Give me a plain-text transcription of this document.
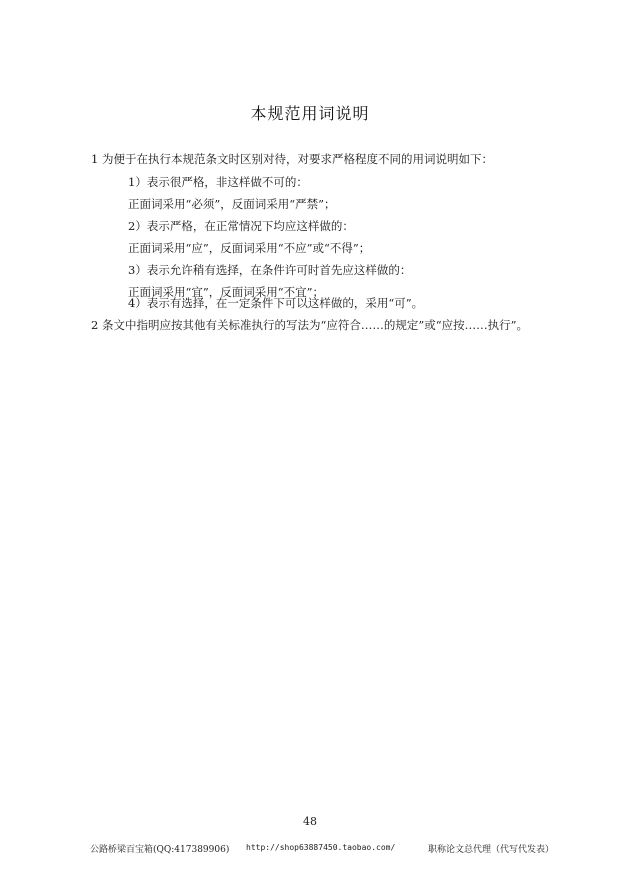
本规范用词说明
1 为便于在执行本规范条文时区别对待，对要求严格程度不同的用词说明如下：
1）表示很严格，非这样做不可的：
正面词采用“必须”，反面词采用“严禁”；
2）表示严格，在正常情况下均应这样做的：
正面词采用“应”，反面词采用“不应”或“不得”；
3）表示允许稍有选择，在条件许可时首先应这样做的：
正面词采用“宜”，反面词采用“不宜”；
4）表示有选择，在一定条件下可以这样做的，采用“可”。
2 条文中指明应按其他有关标准执行的写法为“应符合……的规定”或“应按……执行”。
48
公路桥梁百宝箱(QQ:417389906) http://shop63887450.taobao.com/	职称论文总代理（代写代发表）
